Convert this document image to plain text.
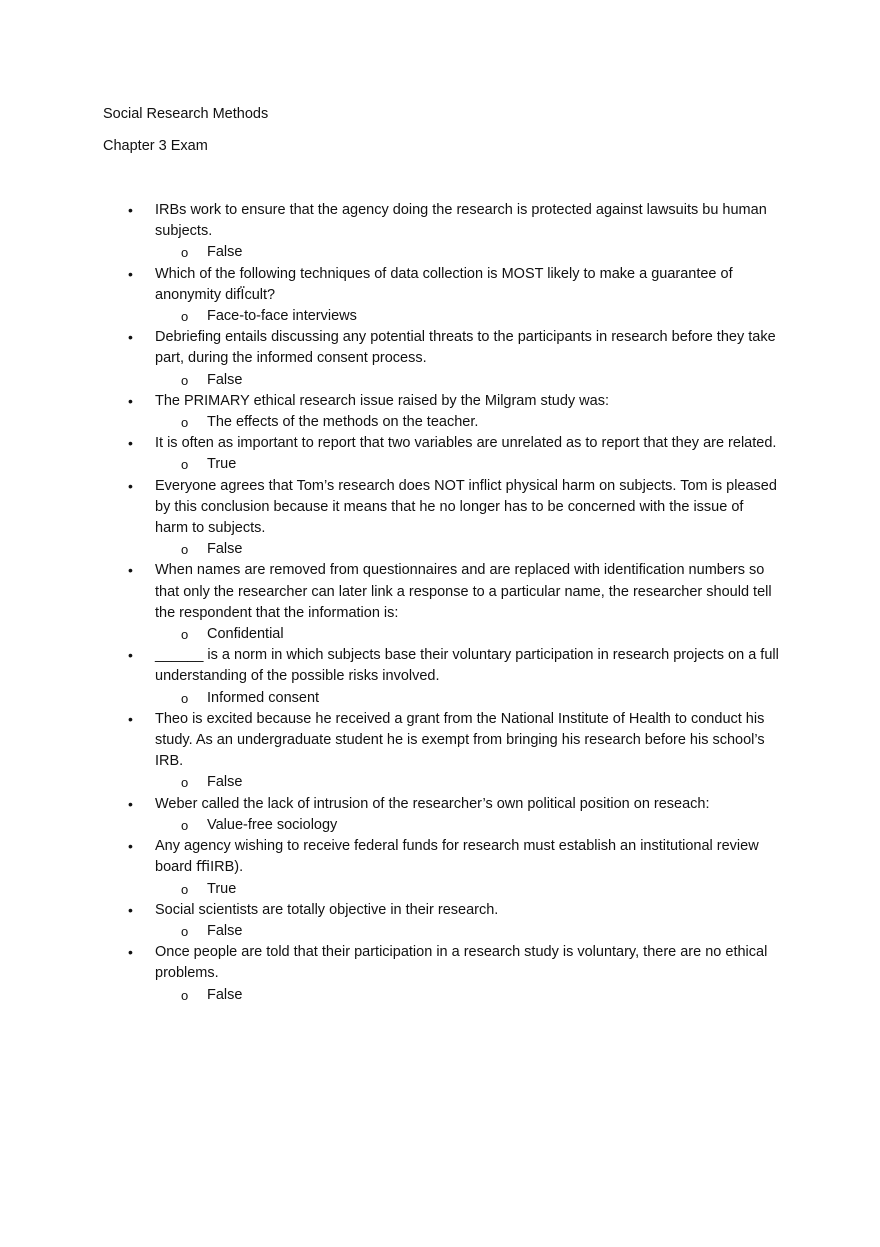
Social Research Methods
Chapter 3 Exam
•	IRBs work to ensure that the agency doing the research is protected against lawsuits bu human subjects.
o False
•	Which of the following techniques of data collection is MOST likely to make a guarantee of anonymity difÏ̈cult?
o Face-to-face interviews
•	Debriefing entails discussing any potential threats to the participants in research before they take part, during the informed consent process.
o False
•	The PRIMARY ethical research issue raised by the Milgram study was:
o The effects of the methods on the teacher.
•	It is often as important to report that two variables are unrelated as to report that they are related.
o True
•	Everyone agrees that Tom’s research does NOT inflict physical harm on subjects. Tom is pleased by this conclusion because it means that he no longer has to be concerned with the issue of harm to subjects.
o False
•	When names are removed from questionnaires and are replaced with identification numbers so that only the researcher can later link a response to a particular name, the researcher should tell the respondent that the information is:
o Confidential
•	______ is a norm in which subjects base their voluntary participation in research projects on a full understanding of the possible risks involved.
o Informed consent
•	Theo is excited because he received a grant from the National Institute of Health to conduct his study. As an undergraduate student he is exempt from bringing his research before his school’s IRB.
o False
•	Weber called the lack of intrusion of the researcher’s own political position on reseach:
o Value-free sociology
•	Any agency wishing to receive federal funds for research must establish an institutional review board ﬃIRB).
o True
•	Social scientists are totally objective in their research.
o False
•	Once people are told that their participation in a research study is voluntary, there are no ethical problems.
o False
